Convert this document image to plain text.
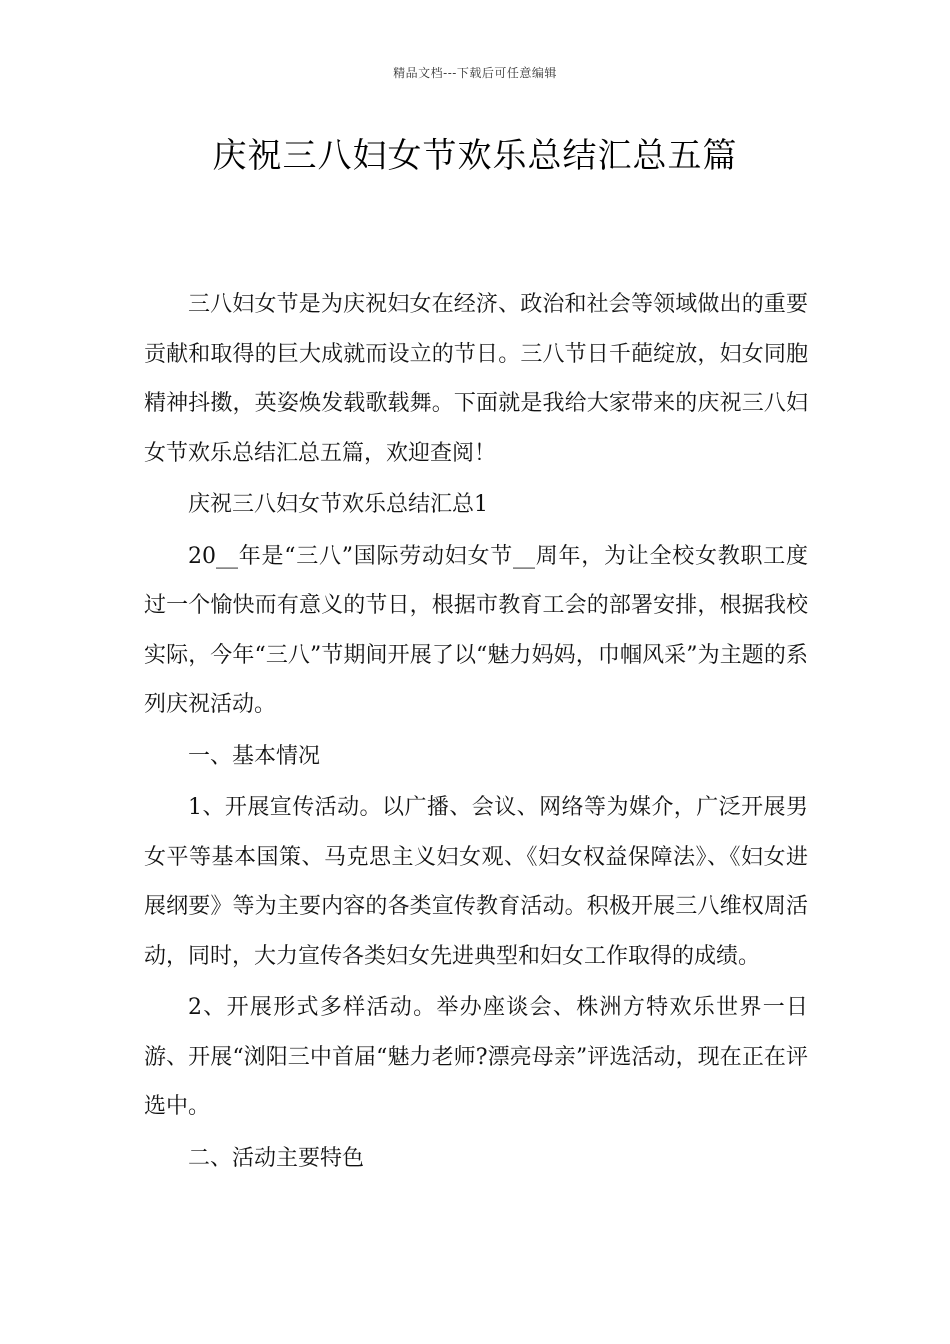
精品文档---下载后可任意编辑
庆祝三八妇女节欢乐总结汇总五篇

三八妇女节是为庆祝妇女在经济、政治和社会等领域做出的重要贡献和取得的巨大成就而设立的节日。三八节日千葩绽放，妇女同胞精神抖擞，英姿焕发载歌载舞。下面就是我给大家带来的庆祝三八妇女节欢乐总结汇总五篇，欢迎查阅！

庆祝三八妇女节欢乐总结汇总1

20__年是“三八”国际劳动妇女节__周年，为让全校女教职工度过一个愉快而有意义的节日，根据市教育工会的部署安排，根据我校实际，今年“三八”节期间开展了以“魅力妈妈，巾帼风采”为主题的系列庆祝活动。

一、基本情况

1、开展宣传活动。以广播、会议、网络等为媒介，广泛开展男女平等基本国策、马克思主义妇女观、《妇女权益保障法》、《妇女进展纲要》等为主要内容的各类宣传教育活动。积极开展三八维权周活动，同时，大力宣传各类妇女先进典型和妇女工作取得的成绩。

2、开展形式多样活动。举办座谈会、株洲方特欢乐世界一日游、开展“浏阳三中首届“魅力老师?漂亮母亲”评选活动，现在正在评选中。

二、活动主要特色
